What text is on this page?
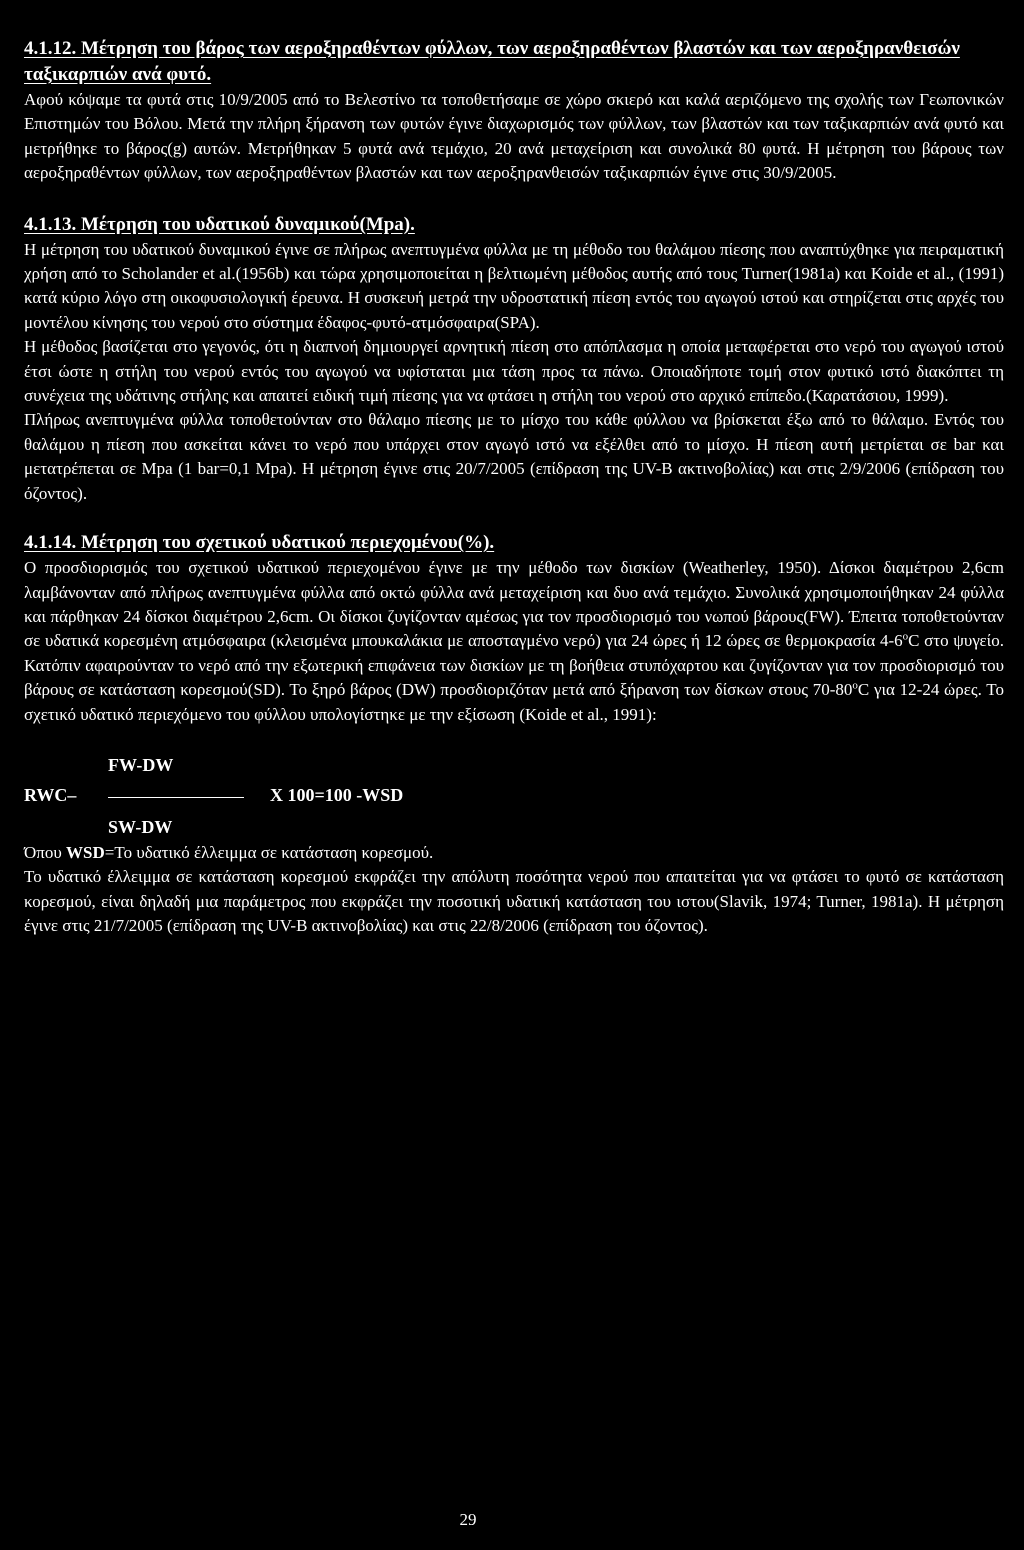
4.1.12. Μέτρηση του βάρος των αεροξηραθέντων φύλλων, των αεροξηραθέντων βλαστών και των αεροξηρανθεισών ταξικαρπιών ανά φυτό.

Αφού κόψαμε τα φυτά στις 10/9/2005 από το Βελεστίνο τα τοποθετήσαμε σε χώρο σκιερό και καλά αεριζόμενο της σχολής των Γεωπονικών Επιστημών του Βόλου. Μετά την πλήρη ξήρανση των φυτών έγινε διαχωρισμός των φύλλων, των βλαστών και των ταξικαρπιών ανά φυτό και μετρήθηκε το βάρος(g) αυτών. Μετρήθηκαν 5 φυτά ανά τεμάχιο, 20 ανά μεταχείριση και συνολικά 80 φυτά. Η μέτρηση του βάρους των αεροξηραθέντων φύλλων, των αεροξηραθέντων βλαστών και των αεροξηρανθεισών ταξικαρπιών έγινε στις 30/9/2005.

4.1.13. Μέτρηση του υδατικού δυναμικού(Mpa).

Η μέτρηση του υδατικού δυναμικού έγινε σε πλήρως ανεπτυγμένα φύλλα με τη μέθοδο του θαλάμου πίεσης που αναπτύχθηκε για πειραματική χρήση από το Scholander et al.(1956b) και τώρα χρησιμοποιείται η βελτιωμένη μέθοδος αυτής από τους Turner(1981a) και Koide et al., (1991) κατά κύριο λόγο στη οικοφυσιολογική έρευνα. Η συσκευή μετρά την υδροστατική πίεση εντός του αγωγού ιστού και στηρίζεται στις αρχές του μοντέλου κίνησης του νερού στο σύστημα έδαφος-φυτό-ατμόσφαιρα(SPA).

Η μέθοδος βασίζεται στο γεγονός, ότι η διαπνοή δημιουργεί αρνητική πίεση στο απόπλασμα η οποία μεταφέρεται στο νερό του αγωγού ιστού έτσι ώστε η στήλη του νερού εντός του αγωγού να υφίσταται μια τάση προς τα πάνω. Οποιαδήποτε τομή στον φυτικό ιστό διακόπτει τη συνέχεια της υδάτινης στήλης και απαιτεί ειδική τιμή πίεσης για να φτάσει η στήλη του νερού στο αρχικό επίπεδο.(Καρατάσιου, 1999).

Πλήρως ανεπτυγμένα φύλλα τοποθετούνταν στο θάλαμο πίεσης με το μίσχο του κάθε φύλλου να βρίσκεται έξω από το θάλαμο. Εντός του θαλάμου η πίεση που ασκείται κάνει το νερό που υπάρχει στον αγωγό ιστό να εξέλθει από το μίσχο. Η πίεση αυτή μετρίεται σε bar και μετατρέπεται σε Mpa (1 bar=0,1 Mpa). Η μέτρηση έγινε στις 20/7/2005 (επίδραση της UV-B ακτινοβολίας) και στις 2/9/2006 (επίδραση του όζοντος).

4.1.14. Μέτρηση του σχετικού υδατικού περιεχομένου(%).

Ο προσδιορισμός του σχετικού υδατικού περιεχομένου έγινε με την μέθοδο των δισκίων (Weatherley, 1950). Δίσκοι διαμέτρου 2,6cm λαμβάνονταν από πλήρως ανεπτυγμένα φύλλα από οκτώ φύλλα ανά μεταχείριση και δυο ανά τεμάχιο. Συνολικά χρησιμοποιήθηκαν 24 φύλλα και πάρθηκαν 24 δίσκοι διαμέτρου 2,6cm. Οι δίσκοι ζυγίζονταν αμέσως για τον προσδιορισμό του νωπού βάρους(FW). Έπειτα τοποθετούνταν σε υδατικά κορεσμένη ατμόσφαιρα (κλεισμένα μπουκαλάκια με αποσταγμένο νερό) για 24 ώρες ή 12 ώρες σε θερμοκρασία 4-6$^o$C στο ψυγείο. Κατόπιν αφαιρούνταν το νερό από την εξωτερική επιφάνεια των δισκίων με τη βοήθεια στυπόχαρτου και ζυγίζονταν για τον προσδιορισμό του βάρους σε κατάσταση κορεσμού(SD). Το ξηρό βάρος (DW) προσδιοριζόταν μετά από ξήρανση των δίσκων στους 70-80$^o$C για 12-24 ώρες. Το σχετικό υδατικό περιεχόμενο του φύλλου υπολογίστηκε με την εξίσωση (Koide et al., 1991):

FW-DW
RWC–	X 100=100 -WSD
SW-DW

Όπου WSD=Το υδατικό έλλειμμα σε κατάσταση κορεσμού.

Το υδατικό έλλειμμα σε κατάσταση κορεσμού εκφράζει την απόλυτη ποσότητα νερού που απαιτείται για να φτάσει το φυτό σε κατάσταση κορεσμού, είναι δηλαδή μια παράμετρος που εκφράζει την ποσοτική υδατική κατάσταση του ιστου(Slavik, 1974; Turner, 1981a). Η μέτρηση έγινε στις 21/7/2005 (επίδραση της UV-B ακτινοβολίας) και στις 22/8/2006 (επίδραση του όζοντος).

29
